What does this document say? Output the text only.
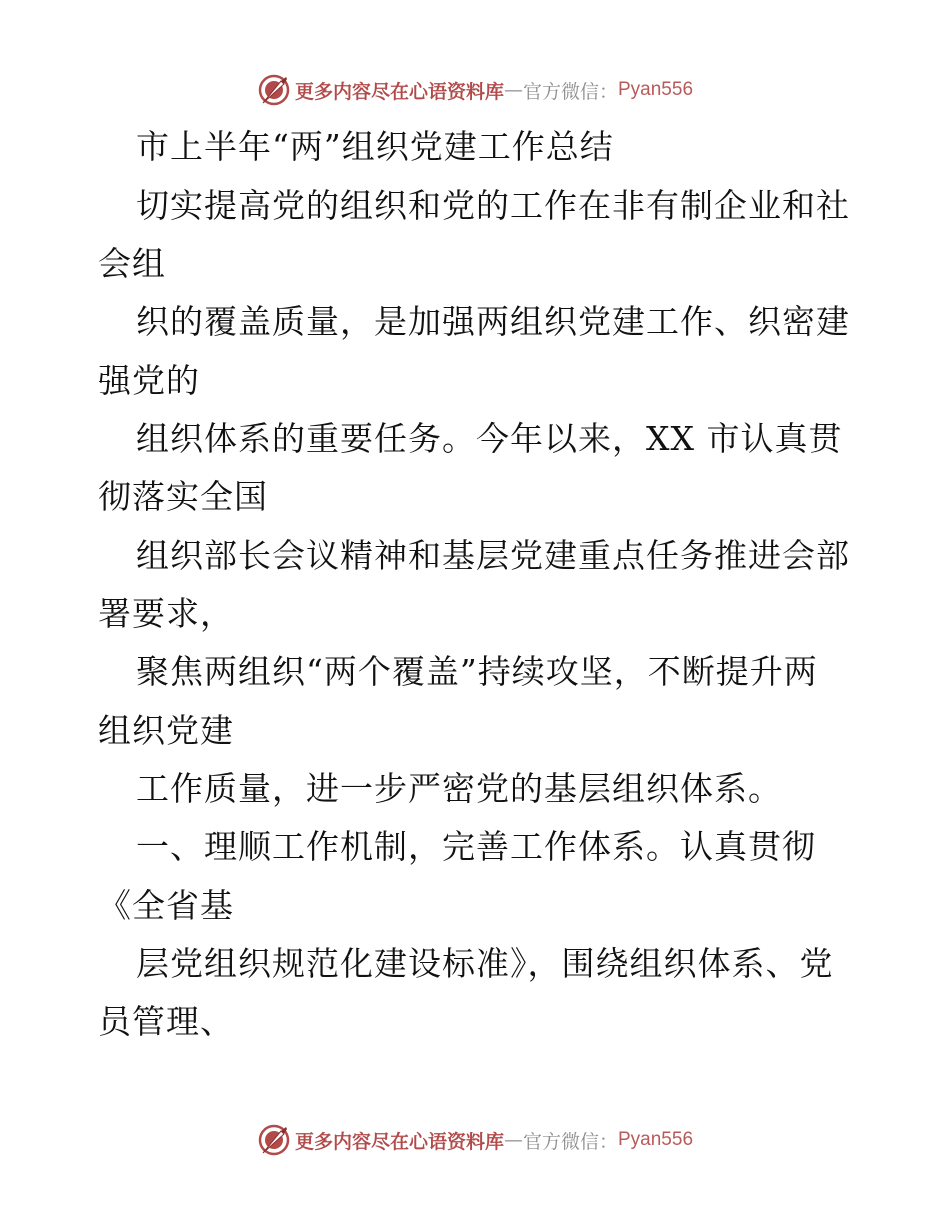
更多内容尽在心语资料库 — 官方微信： Pyan556
市上半年“两”组织党建工作总结
切实提高党的组织和党的工作在非有制企业和社
会组
织的覆盖质量，是加强两组织党建工作、织密建
强党的
组织体系的重要任务。今年以来，XX 市认真贯
彻落实全国
组织部长会议精神和基层党建重点任务推进会部
署要求，
聚焦两组织“两个覆盖”持续攻坚，不断提升两
组织党建
工作质量，进一步严密党的基层组织体系。
一、理顺工作机制，完善工作体系。认真贯彻
《全省基
层党组织规范化建设标准》，围绕组织体系、党
员管理、
更多内容尽在心语资料库 — 官方微信： Pyan556
